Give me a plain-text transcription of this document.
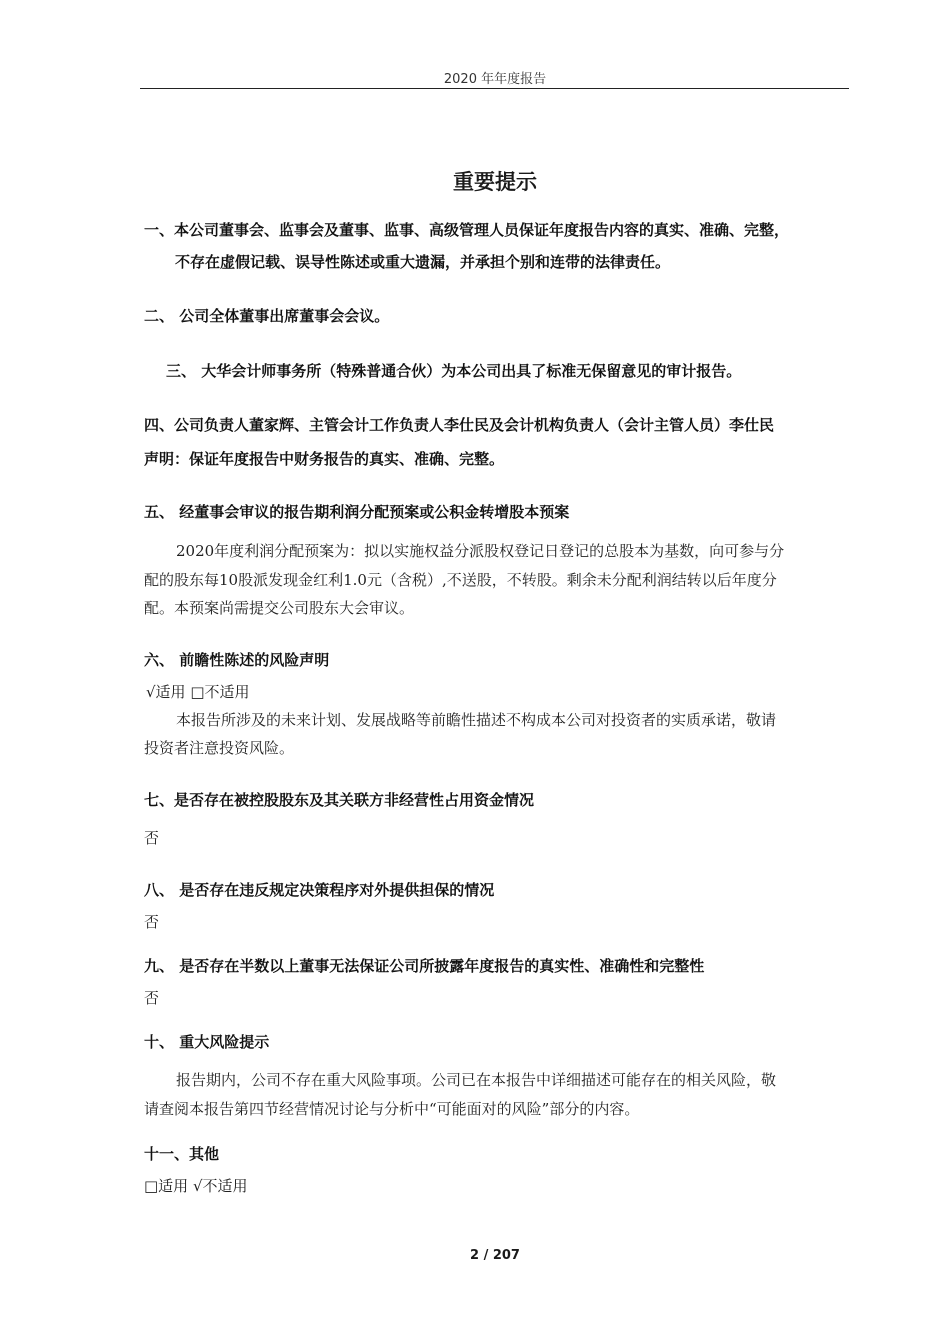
2020 年年度报告
重要提示
一、本公司董事会、监事会及董事、监事、高级管理人员保证年度报告内容的真实、准确、完整，
不存在虚假记载、误导性陈述或重大遗漏，并承担个别和连带的法律责任。
二、 公司全体董事出席董事会会议。
三、 大华会计师事务所（特殊普通合伙）为本公司出具了标准无保留意见的审计报告。
四、公司负责人董家辉、主管会计工作负责人李仕民及会计机构负责人（会计主管人员）李仕民
声明：保证年度报告中财务报告的真实、准确、完整。
五、 经董事会审议的报告期利润分配预案或公积金转增股本预案
2020年度利润分配预案为：拟以实施权益分派股权登记日登记的总股本为基数，向可参与分
配的股东每10股派发现金红利1.0元（含税）,不送股，不转股。剩余未分配利润结转以后年度分
配。本预案尚需提交公司股东大会审议。
六、 前瞻性陈述的风险声明
√适用 □不适用
本报告所涉及的未来计划、发展战略等前瞻性描述不构成本公司对投资者的实质承诺，敬请
投资者注意投资风险。
七、是否存在被控股股东及其关联方非经营性占用资金情况
否
八、 是否存在违反规定决策程序对外提供担保的情况
否
九、 是否存在半数以上董事无法保证公司所披露年度报告的真实性、准确性和完整性
否
十、 重大风险提示
报告期内，公司不存在重大风险事项。公司已在本报告中详细描述可能存在的相关风险，敬
请查阅本报告第四节经营情况讨论与分析中“可能面对的风险”部分的内容。
十一、其他
□适用 √不适用
2 / 207
